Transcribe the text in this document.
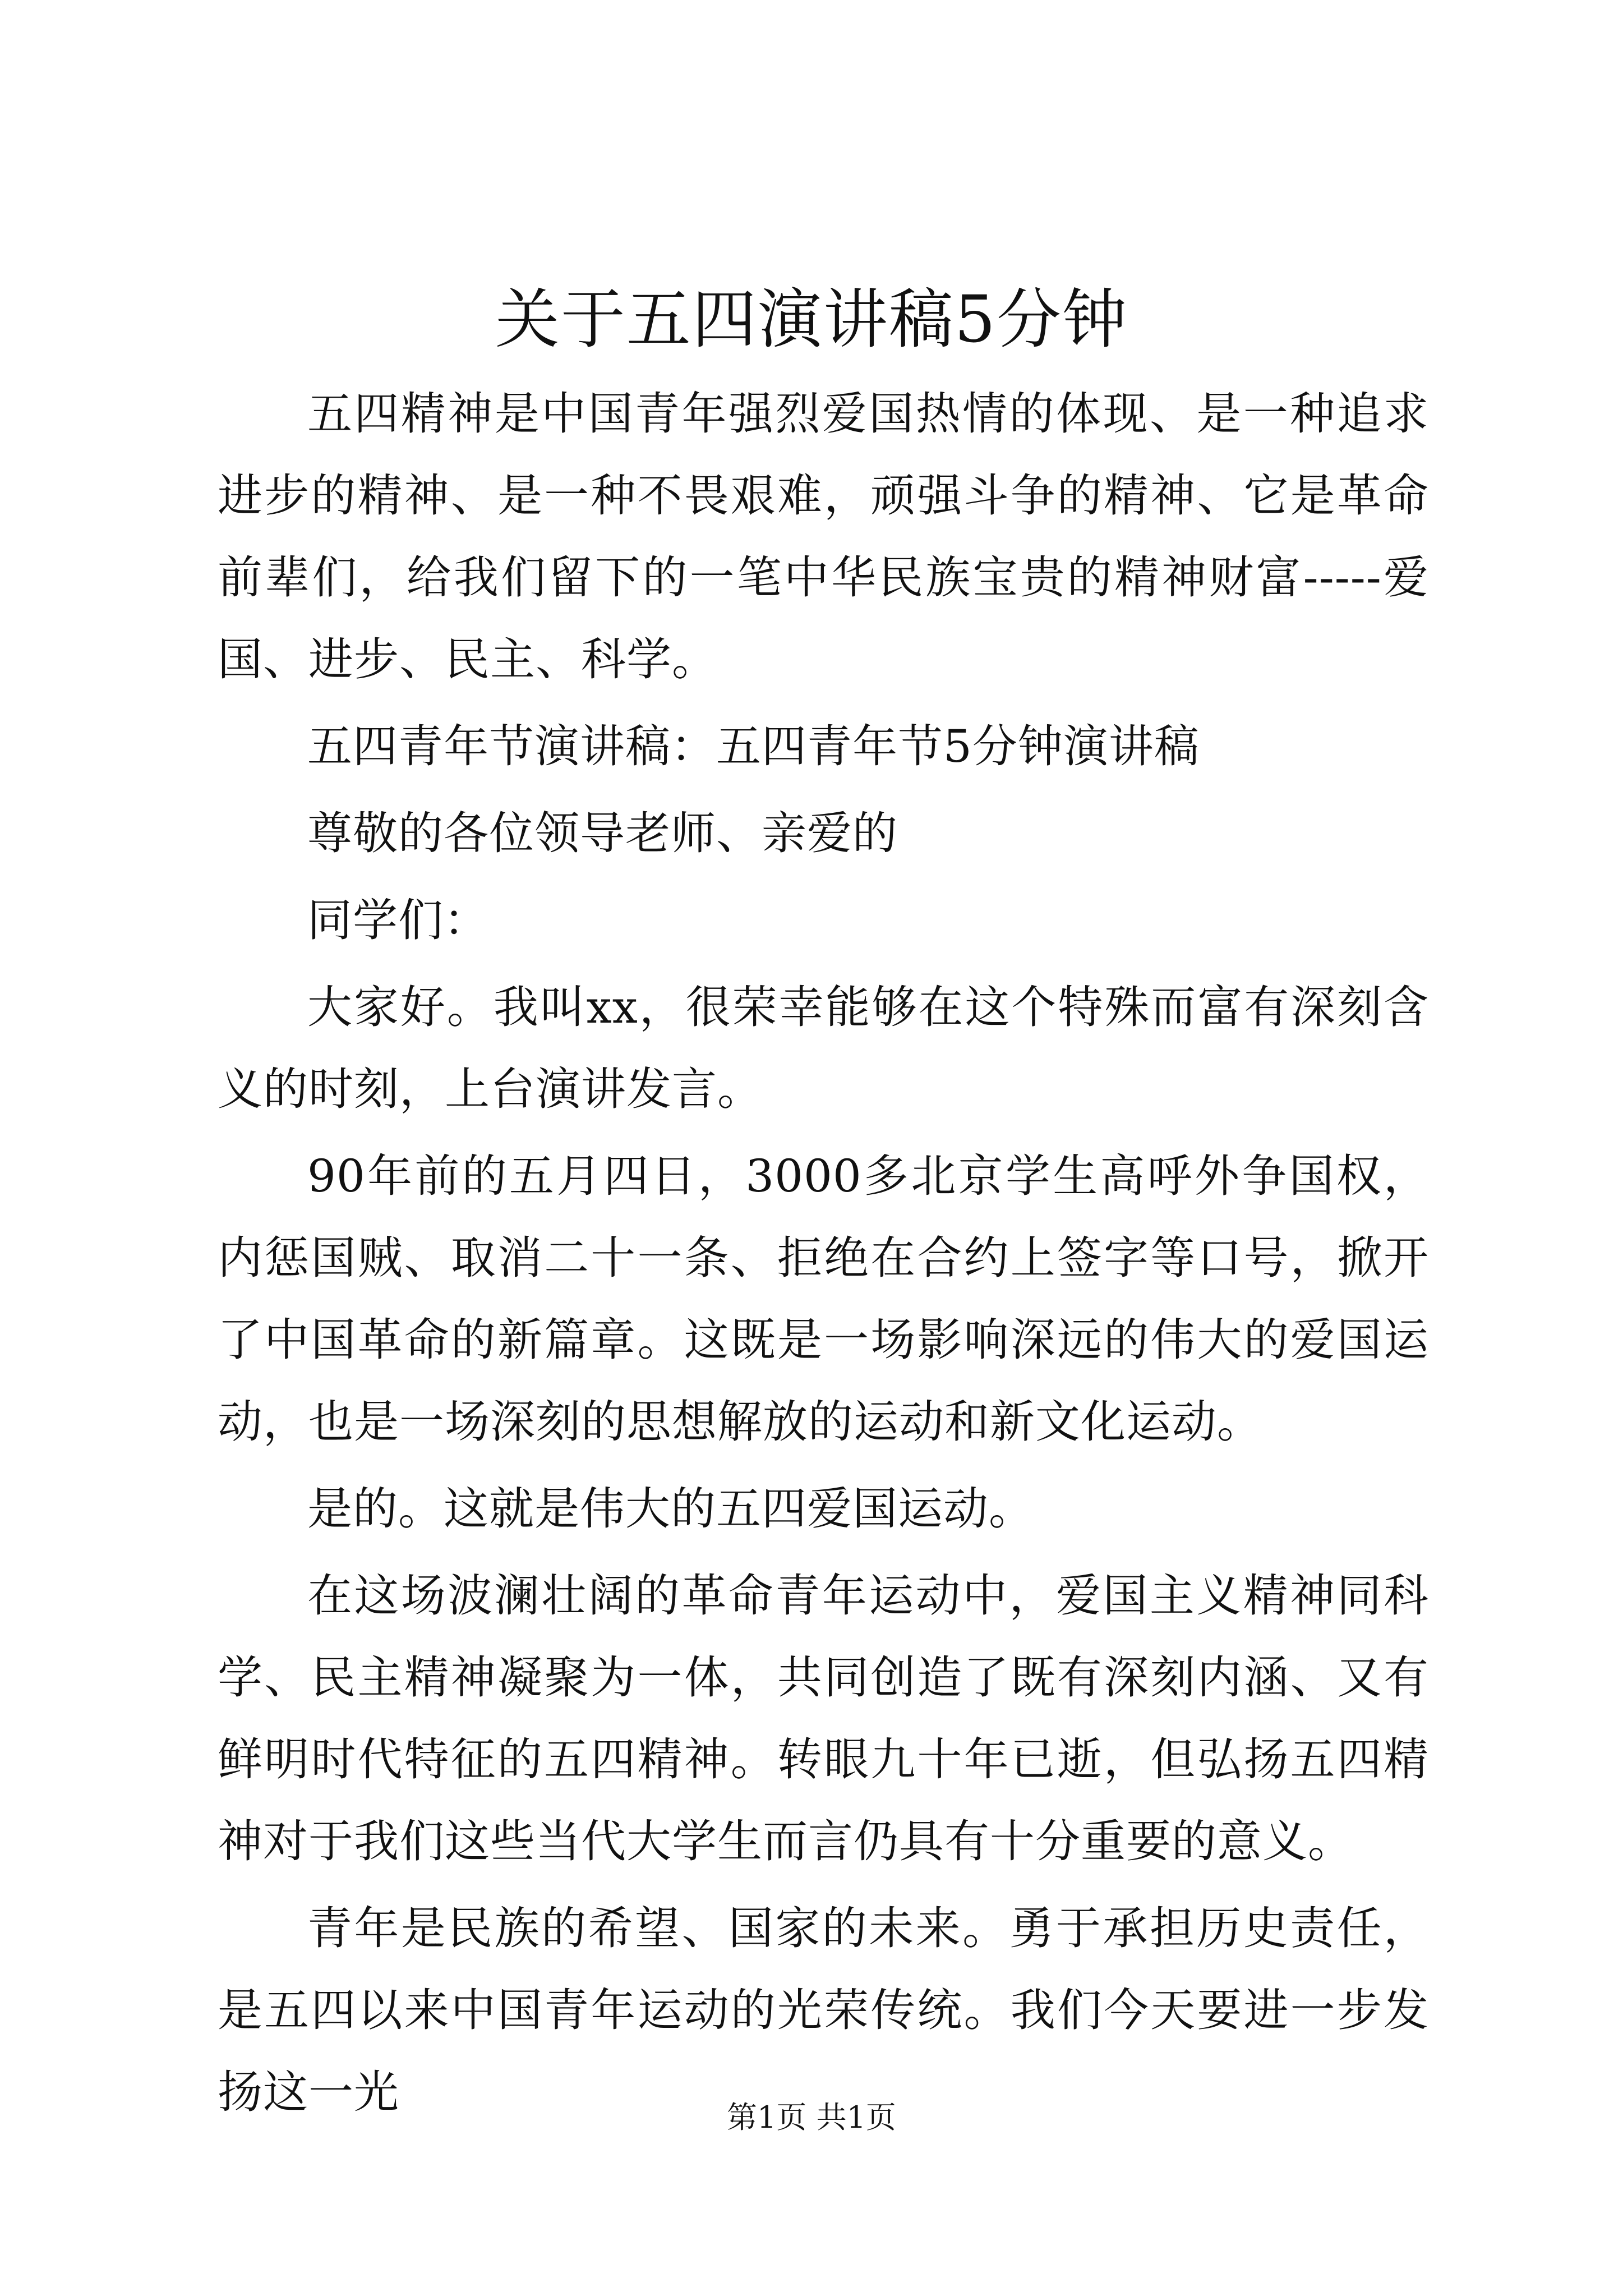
关于五四演讲稿5分钟

五四精神是中国青年强烈爱国热情的体现、是一种追求进步的精神、是一种不畏艰难，顽强斗争的精神、它是革命前辈们，给我们留下的一笔中华民族宝贵的精神财富-----爱国、进步、民主、科学。

五四青年节演讲稿：五四青年节5分钟演讲稿

尊敬的各位领导老师、亲爱的

同学们：

大家好。我叫xx，很荣幸能够在这个特殊而富有深刻含义的时刻，上台演讲发言。

90年前的五月四日，3000多北京学生高呼外争国权，内惩国贼、取消二十一条、拒绝在合约上签字等口号，掀开了中国革命的新篇章。这既是一场影响深远的伟大的爱国运动，也是一场深刻的思想解放的运动和新文化运动。

是的。这就是伟大的五四爱国运动。

在这场波澜壮阔的革命青年运动中，爱国主义精神同科学、民主精神凝聚为一体，共同创造了既有深刻内涵、又有鲜明时代特征的五四精神。转眼九十年已逝，但弘扬五四精神对于我们这些当代大学生而言仍具有十分重要的意义。

青年是民族的希望、国家的未来。勇于承担历史责任，是五四以来中国青年运动的光荣传统。我们今天要进一步发扬这一光	第1页 共1页
